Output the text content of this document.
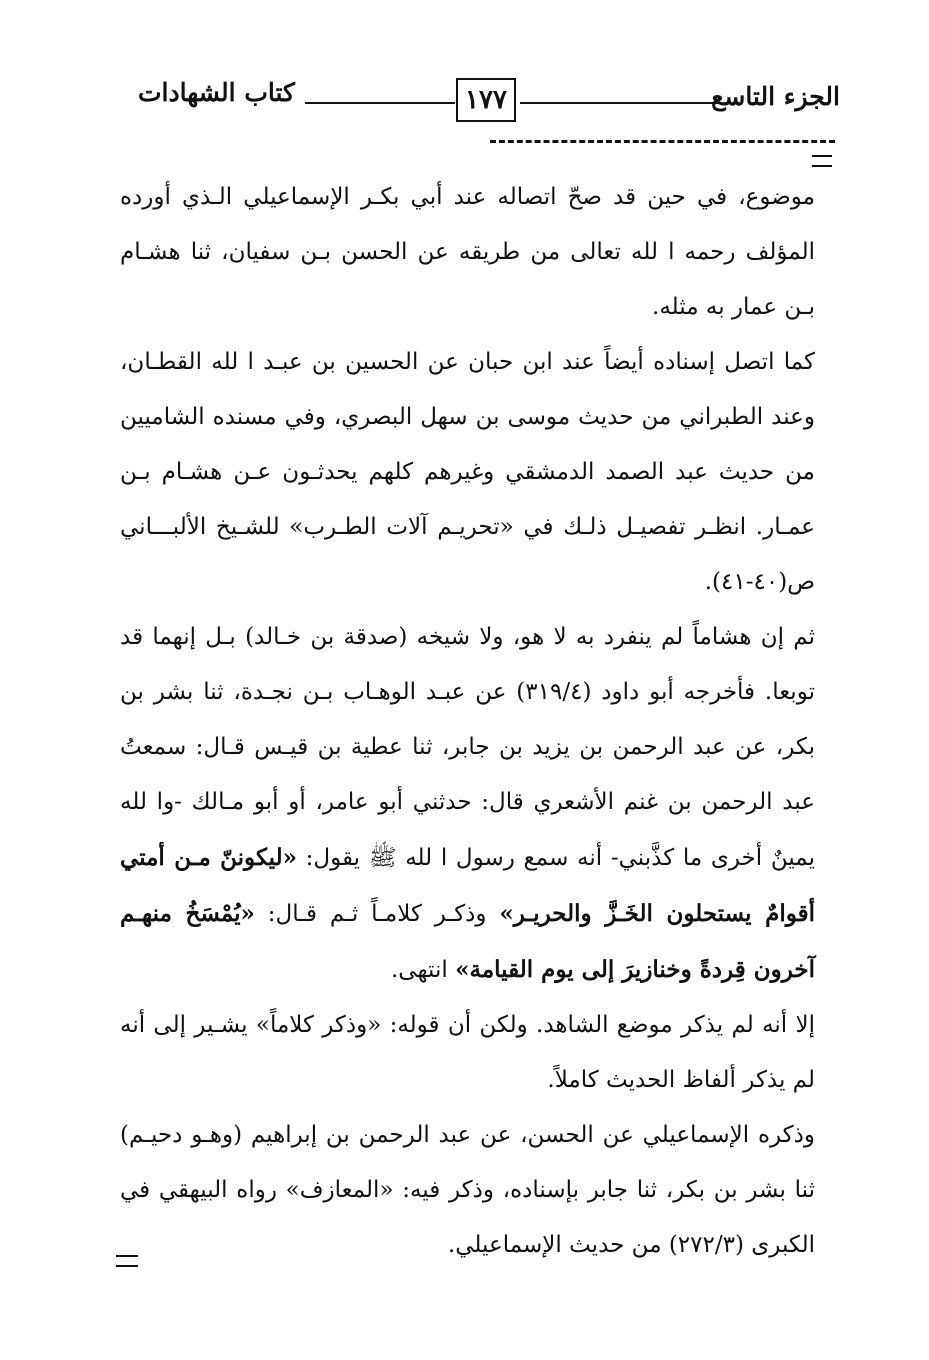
الجزء التاسع
١٧٧
كتاب الشهادات

موضوع، في حين قد صحّ اتصاله عند أبي بكـر الإسماعيلي الـذي أورده المؤلف رحمه ا لله تعالى من طريقه عن الحسن بـن سفيان، ثنا هشـام بـن عمار به مثله.

كما اتصل إسناده أيضاً عند ابن حبان عن الحسين بن عبـد ا لله القطـان، وعند الطبراني من حديث موسى بن سهل البصري، وفي مسنده الشاميين من حديث عبد الصمد الدمشقي وغيرهم كلهم يحدثـون عـن هشـام بـن عمـار. انظـر تفصيـل ذلـك في «تحريـم آلات الطـرب» للشـيخ الألبـــاني ص(٤٠-٤١).

ثم إن هشاماً لم ينفرد به لا هو، ولا شيخه (صدقة بن خـالد) بـل إنهما قد توبعا. فأخرجه أبو داود (٣١٩/٤) عن عبـد الوهـاب بـن نجـدة، ثنا بشر بن بكر، عن عبد الرحمن بن يزيد بن جابر، ثنا عطية بن قيـس قـال: سمعتُ عبد الرحمن بن غنم الأشعري قال: حدثني أبو عامر، أو أبو مـالك -وا لله يمينٌ أخرى ما كذَّبني- أنه سمع رسول ا لله ﷺ يقول: «ليكوننّ مـن أمتي أقوامٌ يستحلون الخَـزَّ والحريـر» وذكـر كلامـاً ثـم قـال: «يُمْسَخُ منهـم آخرون قِردةً وخنازيرَ إلى يوم القيامة» انتهى.

إلا أنه لم يذكر موضع الشاهد. ولكن أن قوله: «وذكر كلاماً» يشـير إلى أنه لم يذكر ألفاظ الحديث كاملاً.

وذكره الإسماعيلي عن الحسن، عن عبد الرحمن بن إبراهيم (وهـو دحيـم) ثنا بشر بن بكر، ثنا جابر بإسناده، وذكر فيه: «المعازف» رواه البيهقي في الكبرى (٢٧٢/٣) من حديث الإسماعيلي.
